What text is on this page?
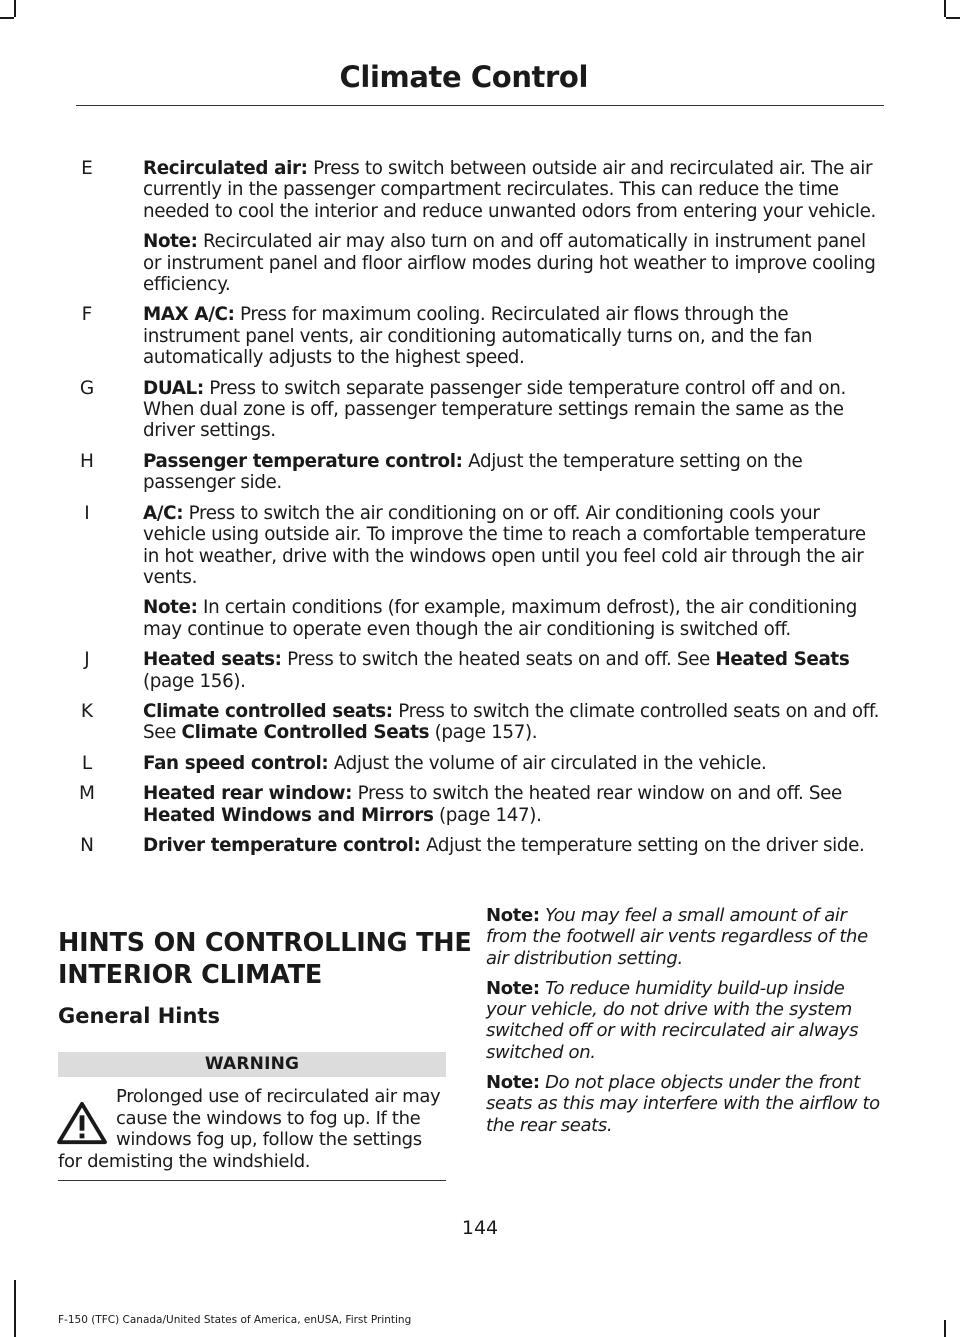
Climate Control
E	Recirculated air: Press to switch between outside air and recirculated air. The air currently in the passenger compartment recirculates. This can reduce the time needed to cool the interior and reduce unwanted odors from entering your vehicle.

Note: Recirculated air may also turn on and off automatically in instrument panel or instrument panel and floor airflow modes during hot weather to improve cooling efficiency.

F	MAX A/C: Press for maximum cooling. Recirculated air flows through the instrument panel vents, air conditioning automatically turns on, and the fan automatically adjusts to the highest speed.

G	DUAL: Press to switch separate passenger side temperature control off and on. When dual zone is off, passenger temperature settings remain the same as the driver settings.

H	Passenger temperature control: Adjust the temperature setting on the passenger side.

I	A/C: Press to switch the air conditioning on or off. Air conditioning cools your vehicle using outside air. To improve the time to reach a comfortable temperature in hot weather, drive with the windows open until you feel cold air through the air vents.

Note: In certain conditions (for example, maximum defrost), the air conditioning may continue to operate even though the air conditioning is switched off.

J	Heated seats: Press to switch the heated seats on and off. See Heated Seats (page 156).

K	Climate controlled seats: Press to switch the climate controlled seats on and off. See Climate Controlled Seats (page 157).

L	Fan speed control: Adjust the volume of air circulated in the vehicle.

M	Heated rear window: Press to switch the heated rear window on and off. See Heated Windows and Mirrors (page 147).

N	Driver temperature control: Adjust the temperature setting on the driver side.

HINTS ON CONTROLLING THE
INTERIOR CLIMATE
General Hints
WARNING
Prolonged use of recirculated air may cause the windows to fog up. If the windows fog up, follow the settings for demisting the windshield.

Note: You may feel a small amount of air from the footwell air vents regardless of the air distribution setting.

Note: To reduce humidity build-up inside your vehicle, do not drive with the system switched off or with recirculated air always switched on.

Note: Do not place objects under the front seats as this may interfere with the airflow to the rear seats.

144
F-150 (TFC) Canada/United States of America, enUSA, First Printing
